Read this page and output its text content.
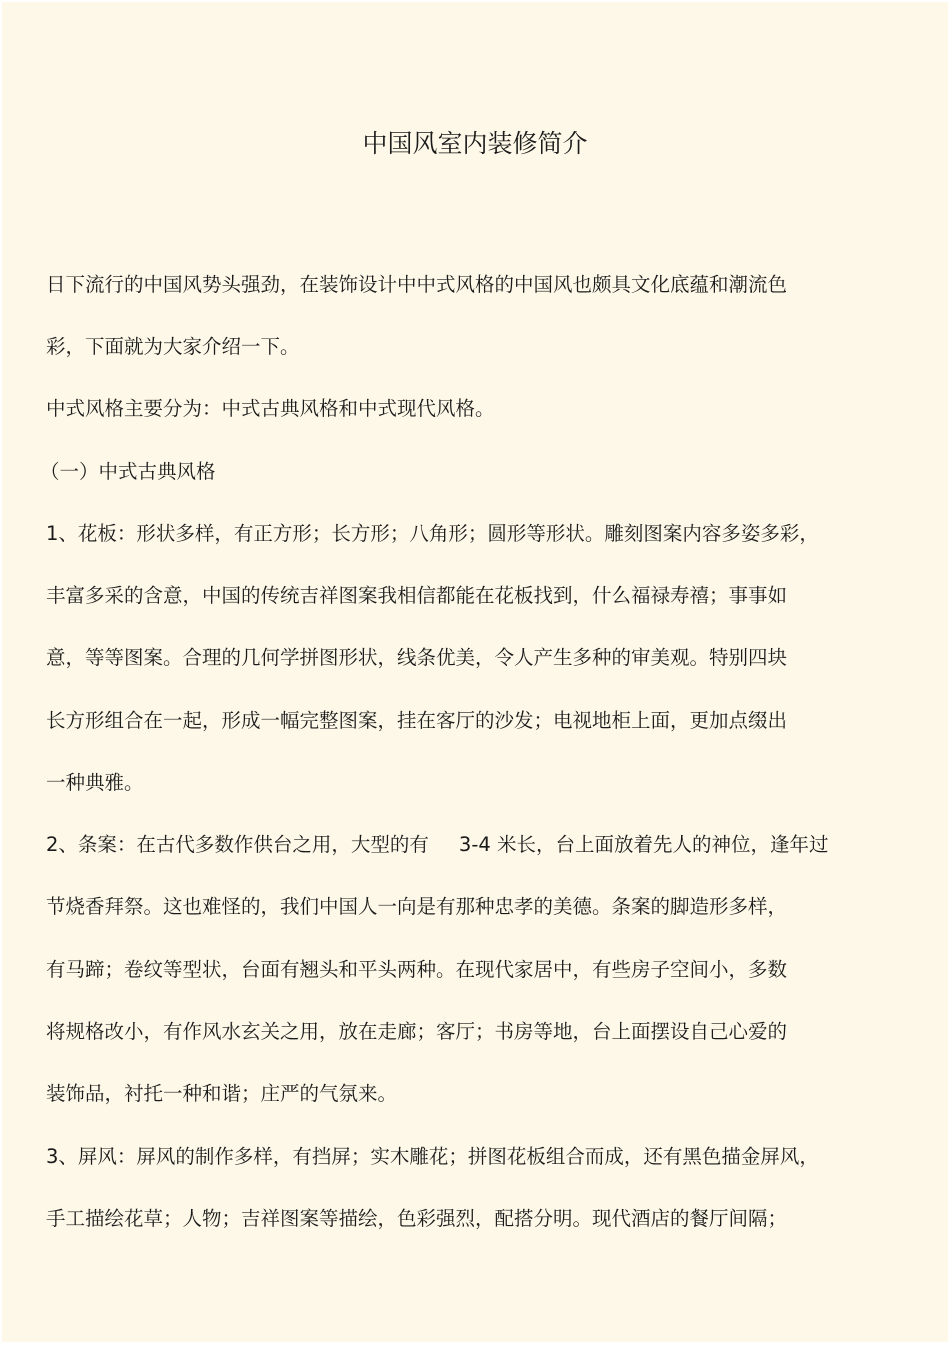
中国风室内装修简介
日下流行的中国风势头强劲，在装饰设计中中式风格的中国风也颇具文化底蕴和潮流色
彩，下面就为大家介绍一下。
中式风格主要分为：中式古典风格和中式现代风格。
（一）中式古典风格
1、花板：形状多样，有正方形；长方形；八角形；圆形等形状。雕刻图案内容多姿多彩，
丰富多采的含意，中国的传统吉祥图案我相信都能在花板找到，什么福禄寿禧；事事如
意，等等图案。合理的几何学拼图形状，线条优美，令人产生多种的审美观。特别四块
长方形组合在一起，形成一幅完整图案，挂在客厅的沙发；电视地柜上面，更加点缀出
一种典雅。
2、条案：在古代多数作供台之用，大型的有 3-4 米长，台上面放着先人的神位，逢年过
节烧香拜祭。这也难怪的，我们中国人一向是有那种忠孝的美德。条案的脚造形多样，
有马蹄；卷纹等型状，台面有翘头和平头两种。在现代家居中，有些房子空间小，多数
将规格改小，有作风水玄关之用，放在走廊；客厅；书房等地，台上面摆设自己心爱的
装饰品，衬托一种和谐；庄严的气氛来。
3、屏风：屏风的制作多样，有挡屏；实木雕花；拼图花板组合而成，还有黑色描金屏风，
手工描绘花草；人物；吉祥图案等描绘，色彩强烈，配搭分明。现代酒店的餐厅间隔；
